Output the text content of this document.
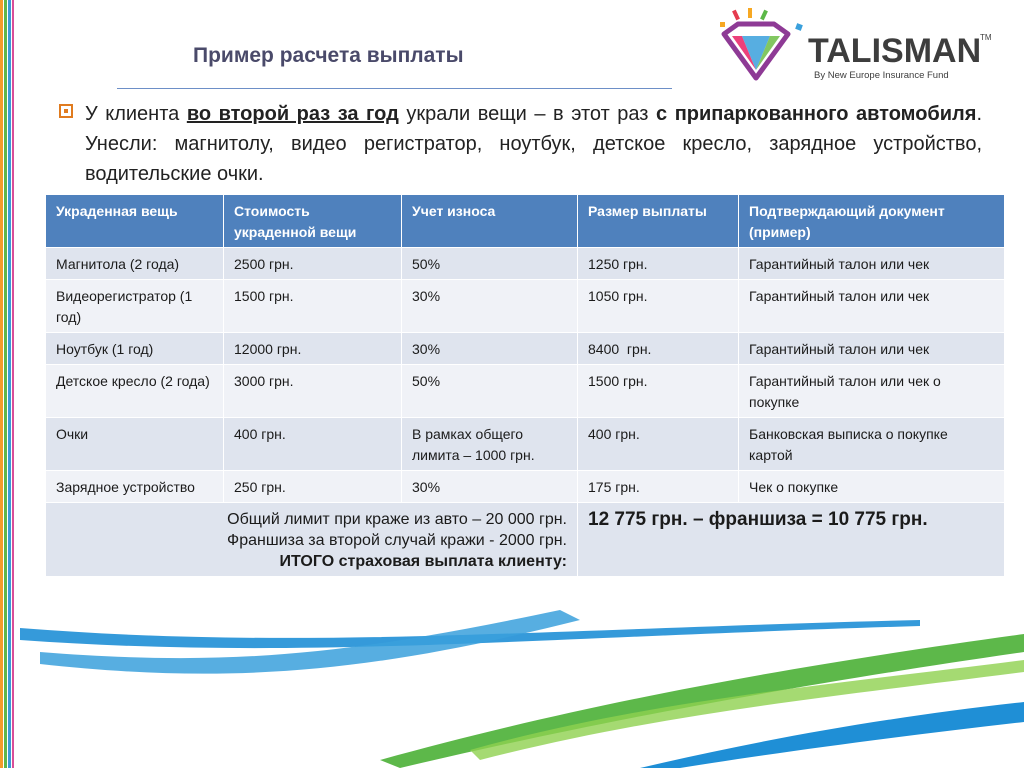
Пример расчета выплаты	TALISMAN
TM
By New Europe Insurance Fund
У клиента во второй раз за год украли вещи – в этот раз с припаркованного автомобиля. Унесли: магнитолу, видео регистратор, ноутбук, детское кресло, зарядное устройство, водительские очки.
Украденная вещь	Стоимость украденной вещи	Учет износа	Размер выплаты	Подтверждающий документ (пример)
Магнитола (2 года)	2500 грн.	50%	1250 грн.	Гарантийный талон или чек
Видеорегистратор (1 год)	1500 грн.	30%	1050 грн.	Гарантийный талон или чек
Ноутбук (1 год)	12000 грн.	30%	8400  грн.	Гарантийный талон или чек
Детское кресло (2 года)	3000 грн.	50%	1500 грн.	Гарантийный талон или чек о покупке
Очки	400 грн.	В рамках общего лимита – 1000 грн.	400 грн.	Банковская выписка о покупке картой
Зарядное устройство	250 грн.	30%	175 грн.	Чек о покупке

Общий лимит при краже из авто – 20 000 грн.
Франшиза за второй случай кражи - 2000 грн.
ИТОГО страховая выплата клиенту:			12 775 грн. – франшиза = 10 775 грн.	
